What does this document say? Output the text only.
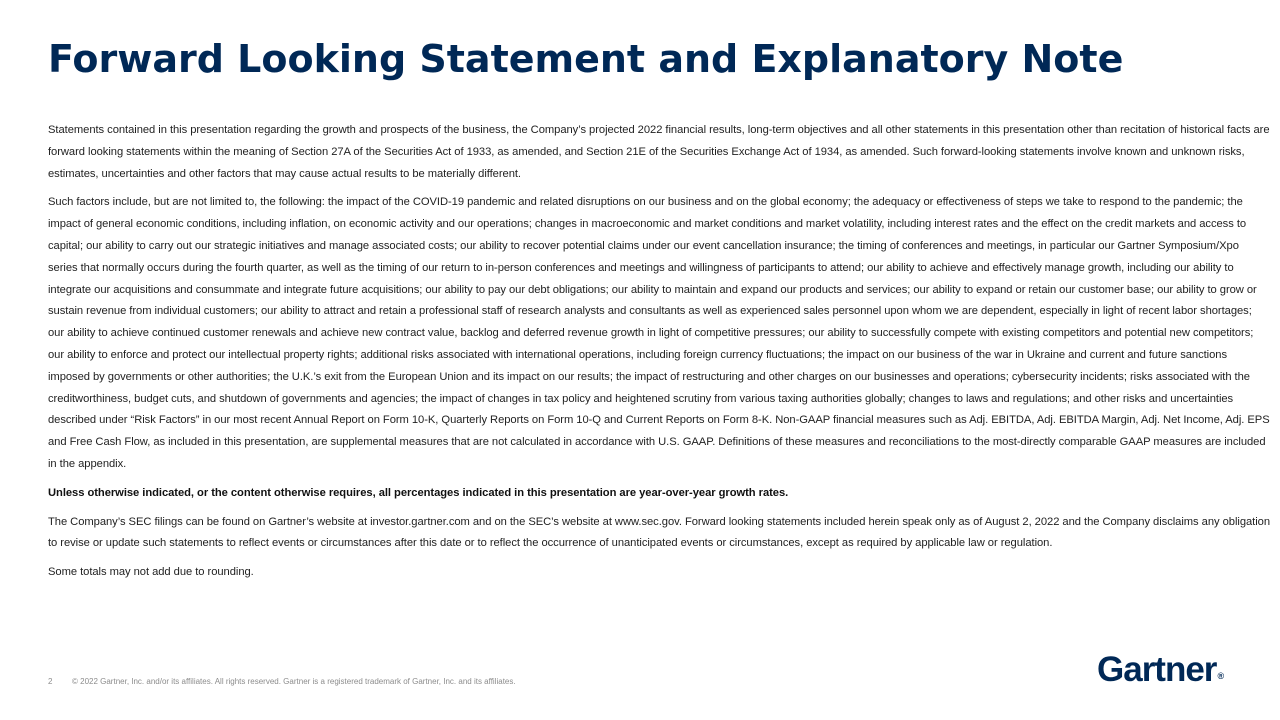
Forward Looking Statement and Explanatory Note

Statements contained in this presentation regarding the growth and prospects of the business, the Company’s projected 2022 financial results, long-term objectives and all other statements in this presentation other than recitation of historical facts are forward looking statements within the meaning of Section 27A of the Securities Act of 1933, as amended, and Section 21E of the Securities Exchange Act of 1934, as amended. Such forward-looking statements involve known and unknown risks, estimates, uncertainties and other factors that may cause actual results to be materially different.

Such factors include, but are not limited to, the following: the impact of the COVID-19 pandemic and related disruptions on our business and on the global economy; the adequacy or effectiveness of steps we take to respond to the pandemic; the impact of general economic conditions, including inflation, on economic activity and our operations; changes in macroeconomic and market conditions and market volatility, including interest rates and the effect on the credit markets and access to capital; our ability to carry out our strategic initiatives and manage associated costs; our ability to recover potential claims under our event cancellation insurance; the timing of conferences and meetings, in particular our Gartner Symposium/Xpo series that normally occurs during the fourth quarter, as well as the timing of our return to in-person conferences and meetings and willingness of participants to attend; our ability to achieve and effectively manage growth, including our ability to integrate our acquisitions and consummate and integrate future acquisitions; our ability to pay our debt obligations; our ability to maintain and expand our products and services; our ability to expand or retain our customer base; our ability to grow or sustain revenue from individual customers; our ability to attract and retain a professional staff of research analysts and consultants as well as experienced sales personnel upon whom we are dependent, especially in light of recent labor shortages; our ability to achieve continued customer renewals and achieve new contract value, backlog and deferred revenue growth in light of competitive pressures; our ability to successfully compete with existing competitors and potential new competitors; our ability to enforce and protect our intellectual property rights; additional risks associated with international operations, including foreign currency fluctuations; the impact on our business of the war in Ukraine and current and future sanctions imposed by governments or other authorities; the U.K.’s exit from the European Union and its impact on our results; the impact of restructuring and other charges on our businesses and operations; cybersecurity incidents; risks associated with the creditworthiness, budget cuts, and shutdown of governments and agencies; the impact of changes in tax policy and heightened scrutiny from various taxing authorities globally; changes to laws and regulations; and other risks and uncertainties described under “Risk Factors” in our most recent Annual Report on Form 10-K, Quarterly Reports on Form 10-Q and Current Reports on Form 8-K. Non-GAAP financial measures such as Adj. EBITDA, Adj. EBITDA Margin, Adj. Net Income, Adj. EPS and Free Cash Flow, as included in this presentation, are supplemental measures that are not calculated in accordance with U.S. GAAP. Definitions of these measures and reconciliations to the most-directly comparable GAAP measures are included in the appendix.

Unless otherwise indicated, or the content otherwise requires, all percentages indicated in this presentation are year-over-year growth rates.

The Company’s SEC filings can be found on Gartner’s website at investor.gartner.com and on the SEC’s website at www.sec.gov. Forward looking statements included herein speak only as of August 2, 2022 and the Company disclaims any obligation to revise or update such statements to reflect events or circumstances after this date or to reflect the occurrence of unanticipated events or circumstances, except as required by applicable law or regulation.

Some totals may not add due to rounding.

2 © 2022 Gartner, Inc. and/or its affiliates. All rights reserved. Gartner is a registered trademark of Gartner, Inc. and its affiliates.	Gartner®
